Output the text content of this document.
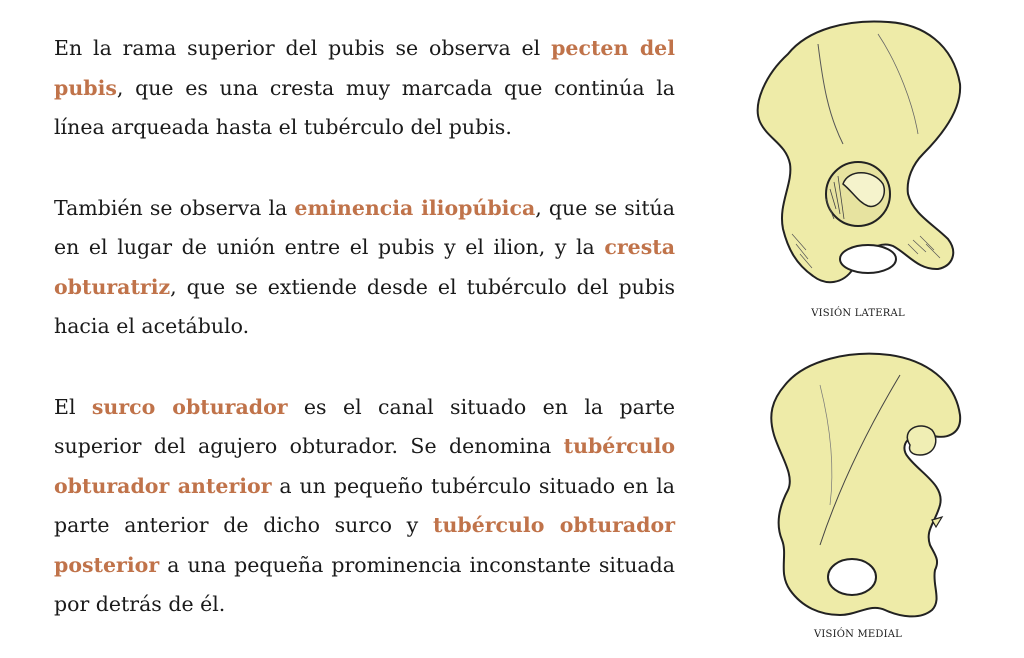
En la rama superior del pubis se observa el pecten del pubis, que es una cresta muy marcada que continúa la línea arqueada hasta el tubérculo del pubis.

También se observa la eminencia iliopúbica, que se sitúa en el lugar de unión entre el pubis y el ilion, y la cresta obturatriz, que se extiende desde el tubérculo del pubis hacia el acetábulo.

El surco obturador es el canal situado en la parte superior del agujero obturador. Se denomina tubérculo obturador anterior a un pequeño tubérculo situado en la parte anterior de dicho surco y tubérculo obturador posterior a una pequeña prominencia inconstante situada por detrás de él.

VISIÓN LATERAL
VISIÓN MEDIAL
